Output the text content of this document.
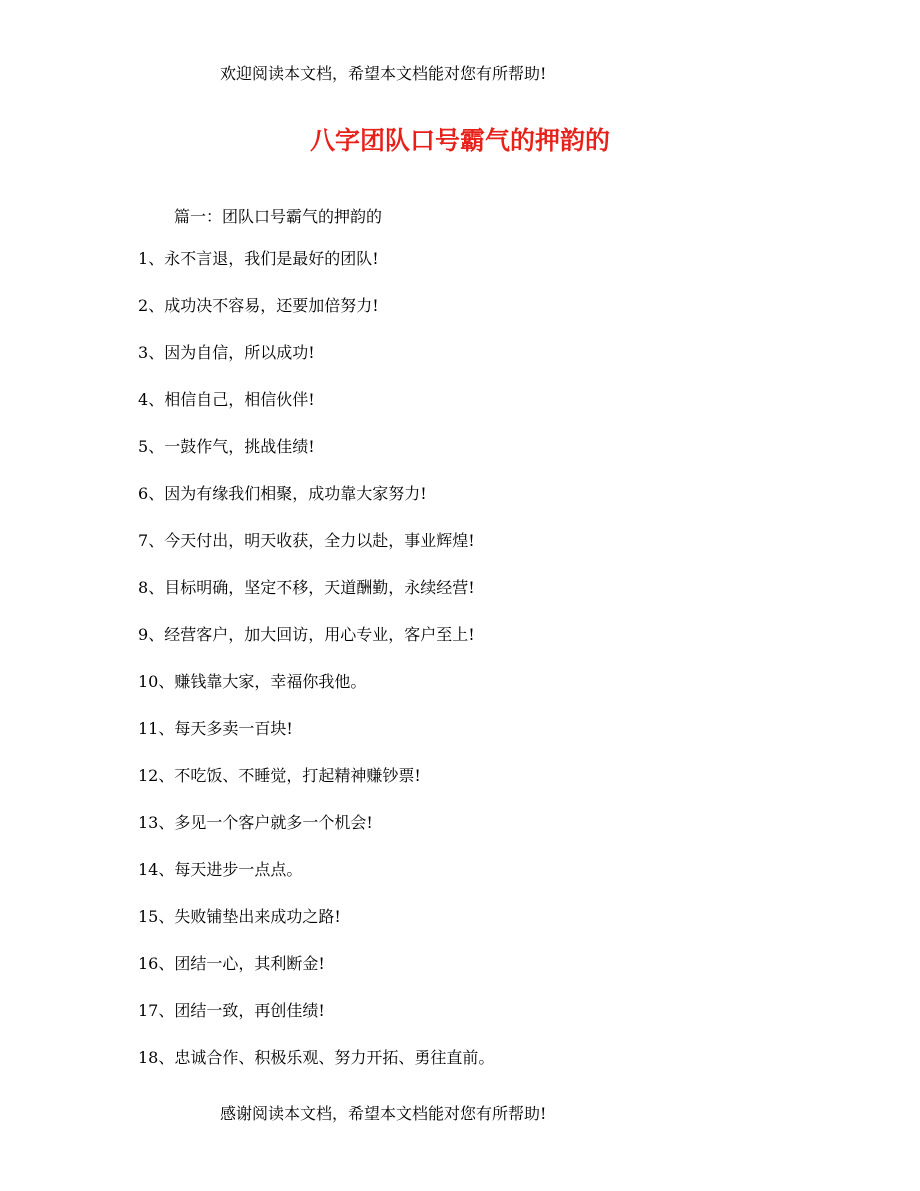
欢迎阅读本文档，希望本文档能对您有所帮助!
八字团队口号霸气的押韵的
篇一：团队口号霸气的押韵的
1、永不言退，我们是最好的团队!
2、成功决不容易，还要加倍努力!
3、因为自信，所以成功!
4、相信自己，相信伙伴!
5、一鼓作气，挑战佳绩!
6、因为有缘我们相聚，成功靠大家努力!
7、今天付出，明天收获，全力以赴，事业辉煌!
8、目标明确，坚定不移，天道酬勤，永续经营!
9、经营客户，加大回访，用心专业，客户至上!
10、赚钱靠大家，幸福你我他。
11、每天多卖一百块!
12、不吃饭、不睡觉，打起精神赚钞票!
13、多见一个客户就多一个机会!
14、每天进步一点点。
15、失败铺垫出来成功之路!
16、团结一心，其利断金!
17、团结一致，再创佳绩!
18、忠诚合作、积极乐观、努力开拓、勇往直前。
感谢阅读本文档，希望本文档能对您有所帮助!
